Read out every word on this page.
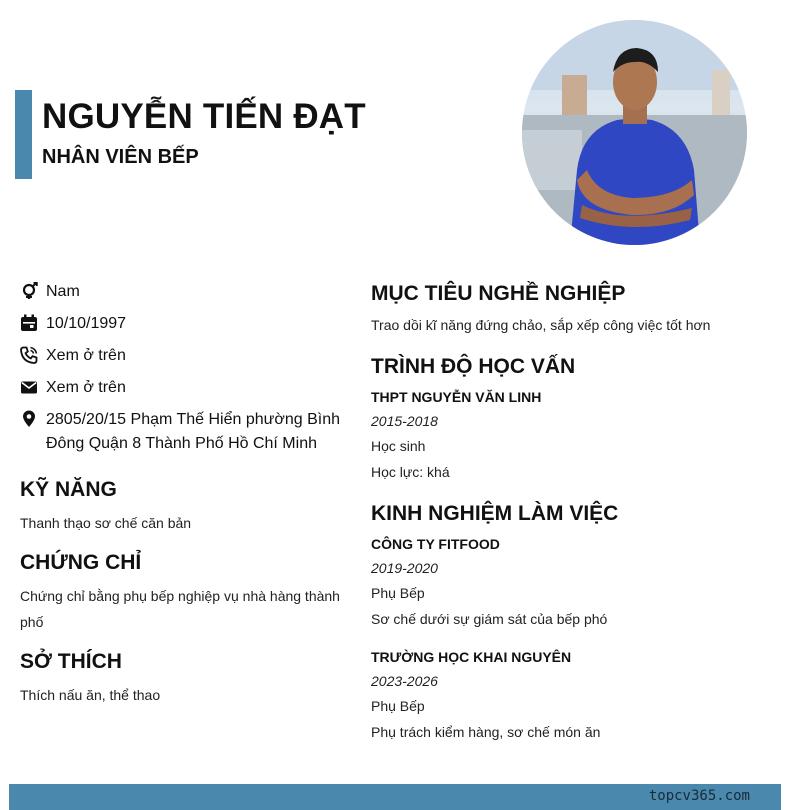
NGUYỄN TIẾN ĐẠT
NHÂN VIÊN BẾP
Nam
10/10/1997
Xem ở trên
Xem ở trên
2805/20/15 Phạm Thế Hiển phường Bình Đông Quận 8 Thành Phố Hồ Chí Minh
KỸ NĂNG
Thanh thạo sơ chế căn bản
CHỨNG CHỈ
Chứng chỉ bằng phụ bếp nghiệp vụ nhà hàng thành phố
SỞ THÍCH
Thích nấu ăn, thể thao
MỤC TIÊU NGHỀ NGHIỆP
Trao dồi kĩ năng đứng chảo, sắp xếp công việc tốt hơn
TRÌNH ĐỘ HỌC VẤN
THPT NGUYỄN VĂN LINH
2015-2018
Học sinh
Học lực: khá
KINH NGHIỆM LÀM VIỆC
CÔNG TY FITFOOD
2019-2020
Phụ Bếp
Sơ chế dưới sự giám sát của bếp phó
TRƯỜNG HỌC KHAI NGUYÊN
2023-2026
Phụ Bếp
Phụ trách kiểm hàng, sơ chế món ăn
topcv365.com
